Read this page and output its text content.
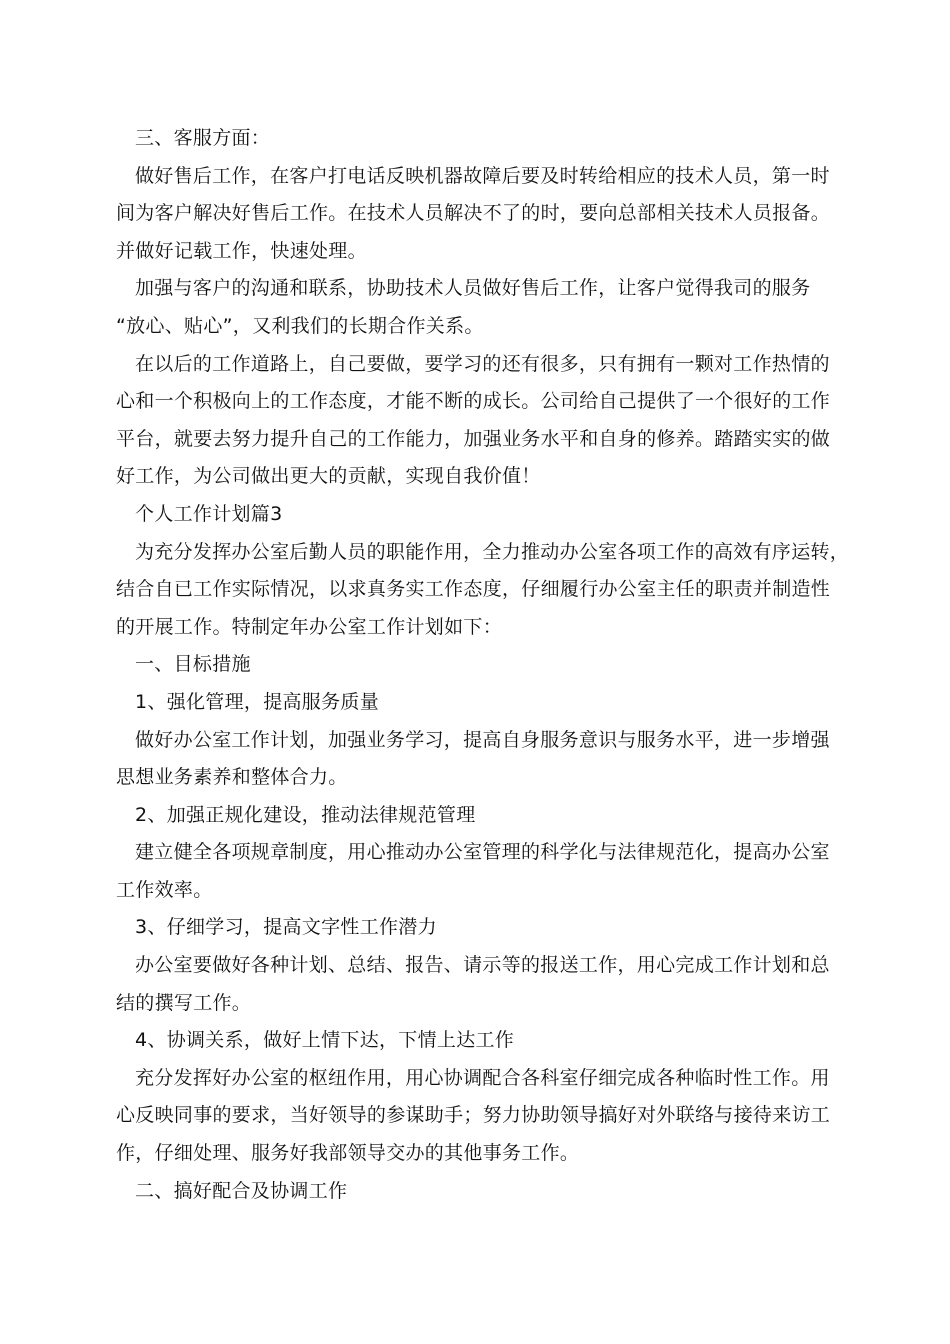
三、客服方面：
做好售后工作，在客户打电话反映机器故障后要及时转给相应的技术人员，第一时
间为客户解决好售后工作。在技术人员解决不了的时，要向总部相关技术人员报备。
并做好记载工作，快速处理。
加强与客户的沟通和联系，协助技术人员做好售后工作，让客户觉得我司的服务
“放心、贴心”，又利我们的长期合作关系。
在以后的工作道路上，自己要做，要学习的还有很多，只有拥有一颗对工作热情的
心和一个积极向上的工作态度，才能不断的成长。公司给自己提供了一个很好的工作
平台，就要去努力提升自己的工作能力，加强业务水平和自身的修养。踏踏实实的做
好工作，为公司做出更大的贡献，实现自我价值！
个人工作计划篇3
为充分发挥办公室后勤人员的职能作用，全力推动办公室各项工作的高效有序运转，
结合自已工作实际情况，以求真务实工作态度，仔细履行办公室主任的职责并制造性
的开展工作。特制定年办公室工作计划如下：
一、目标措施
1、强化管理，提高服务质量
做好办公室工作计划，加强业务学习，提高自身服务意识与服务水平，进一步增强
思想业务素养和整体合力。
2、加强正规化建设，推动法律规范管理
建立健全各项规章制度，用心推动办公室管理的科学化与法律规范化，提高办公室
工作效率。
3、仔细学习，提高文字性工作潜力
办公室要做好各种计划、总结、报告、请示等的报送工作，用心完成工作计划和总
结的撰写工作。
4、协调关系，做好上情下达，下情上达工作
充分发挥好办公室的枢纽作用，用心协调配合各科室仔细完成各种临时性工作。用
心反映同事的要求，当好领导的参谋助手；努力协助领导搞好对外联络与接待来访工
作，仔细处理、服务好我部领导交办的其他事务工作。
二、搞好配合及协调工作
